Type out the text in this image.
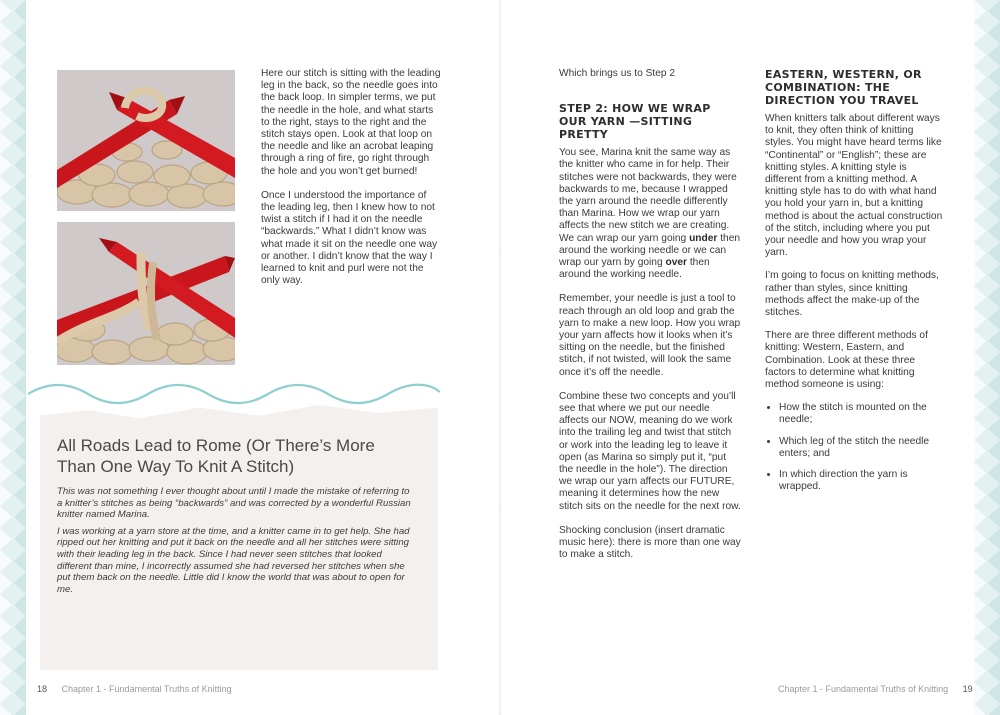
Here our stitch is sitting with the leading leg in the back, so the needle goes into the back loop. In simpler terms, we put the needle in the hole, and what starts to the right, stays to the right and the stitch stays open. Look at that loop on the needle and like an acrobat leaping through a ring of fire, go right through the hole and you won’t get burned!

Once I understood the importance of the leading leg, then I knew how to not twist a stitch if I had it on the needle “backwards.” What I didn’t know was what made it sit on the needle one way or another. I didn’t know that the way I learned to knit and purl were not the only way.

All Roads Lead to Rome (Or There’s More Than One Way To Knit A Stitch)

This was not something I ever thought about until I made the mistake of referring to a knitter’s stitches as being “backwards” and was corrected by a wonderful Russian knitter named Marina.

I was working at a yarn store at the time, and a knitter came in to get help. She had ripped out her knitting and put it back on the needle and all her stitches were sitting with their leading leg in the back. Since I had never seen stitches that looked different than mine, I incorrectly assumed she had reversed her stitches when she put them back on the needle. Little did I know the world that was about to open for me.

18 Chapter 1 - Fundamental Truths of Knitting	Chapter 1 - Fundamental Truths of Knitting 19

Which brings us to Step 2

STEP 2: HOW WE WRAP OUR YARN —SITTING PRETTY

You see, Marina knit the same way as the knitter who came in for help. Their stitches were not backwards, they were backwards to me, because I wrapped the yarn around the needle differently than Marina. How we wrap our yarn affects the new stitch we are creating. We can wrap our yarn going under then around the working needle or we can wrap our yarn by going over then around the working needle.

Remember, your needle is just a tool to reach through an old loop and grab the yarn to make a new loop. How you wrap your yarn affects how it looks when it’s sitting on the needle, but the finished stitch, if not twisted, will look the same once it’s off the needle.

Combine these two concepts and you’ll see that where we put our needle affects our NOW, meaning do we work into the trailing leg and twist that stitch or work into the leading leg to leave it open (as Marina so simply put it, “put the needle in the hole”). The direction we wrap our yarn affects our FUTURE, meaning it determines how the new stitch sits on the needle for the next row.

Shocking conclusion (insert dramatic music here): there is more than one way to make a stitch.

EASTERN, WESTERN, OR COMBINATION: THE DIRECTION YOU TRAVEL

When knitters talk about different ways to knit, they often think of knitting styles. You might have heard terms like “Continental” or “English”; these are knitting styles. A knitting style is different from a knitting method. A knitting style has to do with what hand you hold your yarn in, but a knitting method is about the actual construction of the stitch, including where you put your needle and how you wrap your yarn.

I’m going to focus on knitting methods, rather than styles, since knitting methods affect the make-up of the stitches.

There are three different methods of knitting: Western, Eastern, and Combination. Look at these three factors to determine what knitting method someone is using:

• How the stitch is mounted on the needle;
• Which leg of the stitch the needle enters; and
• In which direction the yarn is wrapped.
